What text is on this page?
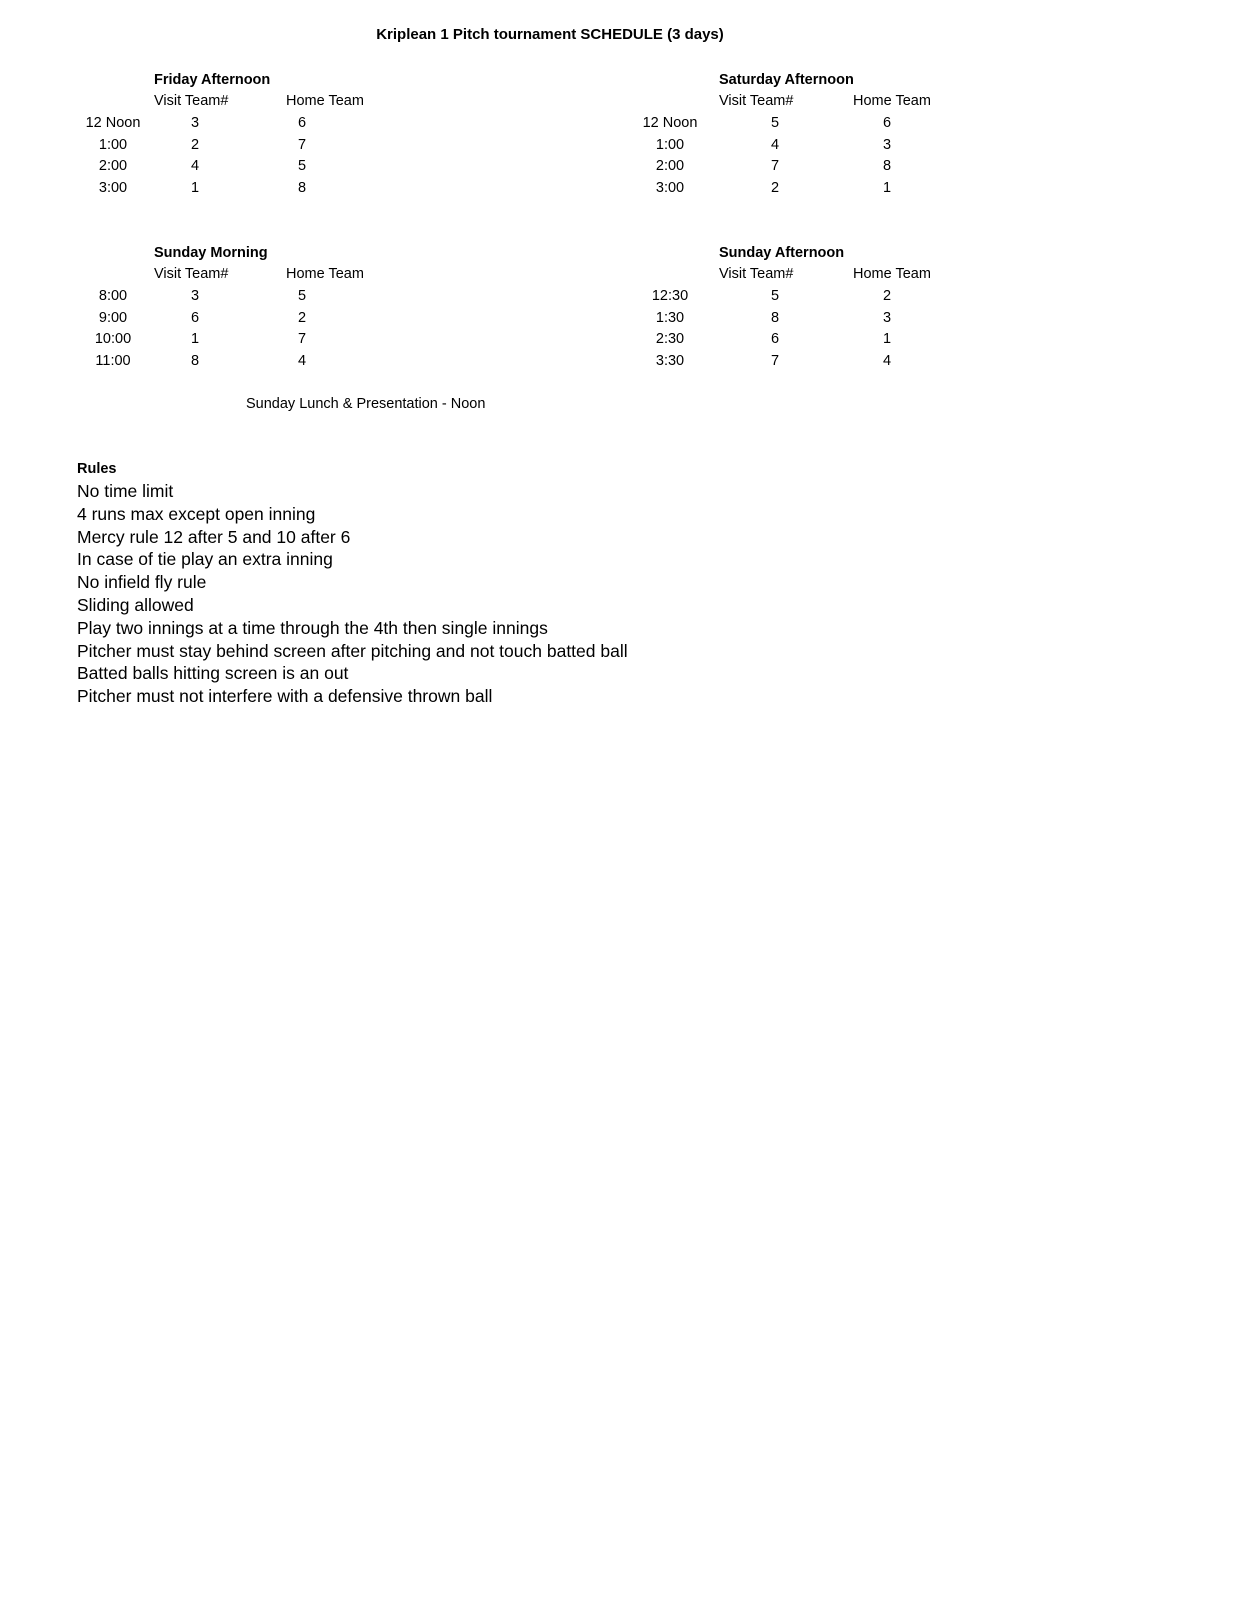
Kriplean 1 Pitch tournament SCHEDULE (3 days)
Friday Afternoon
Visit Team#	Home Team
12 Noon	3	6
1:00	2	7
2:00	4	5
3:00	1	8
Saturday Afternoon
Visit Team#	Home Team
12 Noon	5	6
1:00	4	3
2:00	7	8
3:00	2	1
Sunday Morning
Visit Team#	Home Team
8:00	3	5
9:00	6	2
10:00	1	7
11:00	8	4
Sunday Afternoon
Visit Team#	Home Team
12:30	5	2
1:30	8	3
2:30	6	1
3:30	7	4
Sunday Lunch & Presentation - Noon
Rules
No time limit
4 runs max except open inning
Mercy rule 12 after 5 and 10 after 6
In case of tie play an extra inning
No infield fly rule
Sliding allowed
Play two innings at a time through the 4th then single innings
Pitcher must stay behind screen after pitching and not touch batted ball
Batted balls hitting screen is an out
Pitcher must not interfere with a defensive thrown ball
